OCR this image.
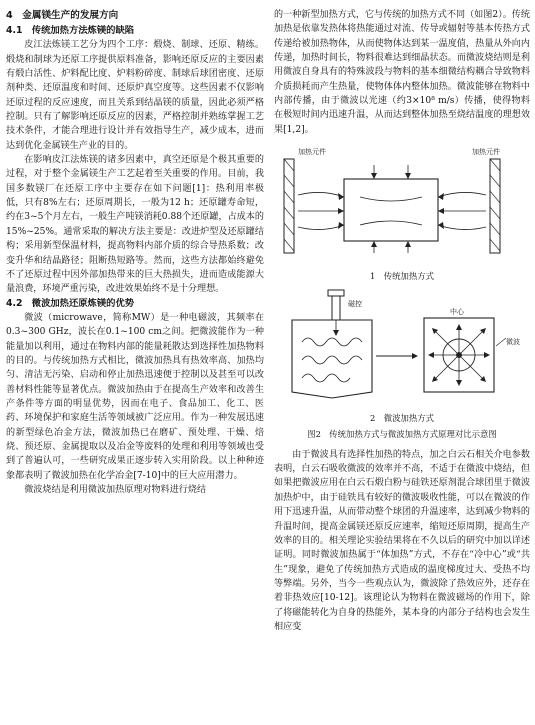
4　金属镁生产的发展方向
4.1　传统加热方法炼镁的缺陷

皮江法炼镁工艺分为四个工序：煅烧、制球、还原、精练。煅烧和制球为还原工序提供原料准备，影响还原反应的主要因素有煅白活性、炉料配比度、炉料粉碎度、制球后球团密度、还原剂种类、还原温度和时间、还原炉真空度等。这些因素不仅影响还原过程的反应速度，而且关系到结晶镁的质量，因此必须严格控制。只有了解影响还原反应的因素，严格控制并熟练掌握工艺技术条件，才能合理进行设计并有效指导生产，减少成本，进而达到优化金属镁生产业的目的。

在影响皮江法炼镁的诸多因素中，真空还原是个极其重要的过程，对于整个金属镁生产工艺起着至关重要的作用。目前，我国多数镁厂在还原工序中主要存在如下问题[1]：热利用率极低，只有8%左右；还原周期长，一般为12 h；还原罐寿命短，约在3~5个月左右，一般生产吨镁消耗0.88个还原罐，占成本的15%~25%。通常采取的解决方法主要是：改进炉型及还原罐结构；采用新型保温材料，提高物料内部介质的综合导热系数；改变升华和结晶路径；阻断热短路等。然而，这些方法都始终避免不了还原过程中因外部加热带来的巨大热损失，进而造成能源大量浪费，环境严重污染，改进效果始终不是十分理想。

4.2　微波加热还原炼镁的优势

微波（microwave，简称MW）是一种电磁波，其频率在0.3~300 GHz，波长在0.1~100 cm之间。把微波能作为一种能量加以利用，通过在物料内部的能量耗散达到选择性加热物料的目的。与传统加热方式相比，微波加热具有热效率高、加热均匀、清洁无污染、启动和停止加热迅速便于控制以及甚至可以改善材料性能等显著优点。微波加热由于在提高生产效率和改善生产条件等方面的明显优势，因而在电子、食品加工、化工、医药、环境保护和家庭生活等领域被广泛应用。作为一种发展迅速的新型绿色冶金方法，微波加热已在磨矿、预处理、干燥、焙烧、预还原、金属提取以及冶金等废料的处理和利用等领域也受到了普遍认可，一些研究成果正逐步转入实用阶段。以上种种迹象都表明了微波加热在化学冶金[7-10]中的巨大应用潜力。

微波烧结是利用微波加热原理对物料进行烧结

的一种新型加热方式，它与传统的加热方式不同（如图2）。传统加热是依靠发热体将热能通过对流、传导或辐射等基本传热方式传递给被加热物体，从而使物体达到某一温度值，热量从外向内传递，加热时间长，物料很难达到细晶状态。而微波烧结则是利用微波自身具有的特殊波段与物料的基本细微结构耦合导致物料介质损耗而产生热量，使物体体内整体加热。微波能够在物料中内部传播，由于微波以光速（约3×10⁸ m/s）传播，使得物料在极短时间内迅速升温，从而达到整体加热至烧结温度的理想效果[1,2]。

加热元件	加热元件
1　传统加热方式
磁控
中心
微波
2　微波加热方式
图2　传统加热方式与微波加热方式原理对比示意图

由于微波具有选择性加热的特点，加之白云石相关介电参数表明，白云石吸收微波的效率并不高，不适于在微波中烧结，但如果把微波应用在白云石煅白粉与硅铁还原剂混合球团里于微波加热炉中，由于硅铁具有较好的微波吸收性能，可以在微波的作用下迅速升温，从而带动整个球团的升温速率，达到减少物料的升温时间，提高金属镁还原反应速率，缩短还原周期，提高生产效率的目的。相关理论实验结果将在不久以后的研究中加以详述证明。同时微波加热属于“体加热”方式，不存在“冷中心”或“共生”现象，避免了传统加热方式造成的温度梯度过大、受热不均等弊端。另外，当今一些观点认为，微波除了热效应外，还存在着非热效应[10-12]。该理论认为物料在微波磁场的作用下，除了将磁能转化为自身的热能外，某本身的内部分子结构也会发生相应变
